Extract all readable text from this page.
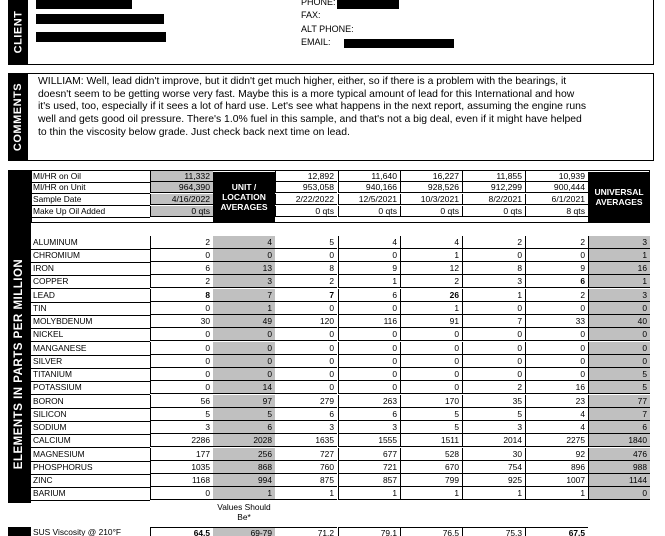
CLIENT
PHONE:
FAX:
ALT PHONE:
EMAIL:
COMMENTS
WILLIAM: Well, lead didn't improve, but it didn't get much higher, either, so if there is a problem with the bearings, it doesn't seem to be getting worse very fast. Maybe this is a more typical amount of lead for this International and how it's used, too, especially if it sees a lot of hard use. Let's see what happens in the next report, assuming the engine runs well and gets good oil pressure. There's 1.0% fuel in this sample, and that's not a big deal, even if it might have helped to thin the viscosity below grade. Just check back next time on lead.
UNIT / LOCATION AVERAGES
UNIVERSAL AVERAGES
MI/HR on Oil	11,332	12,892	11,640	16,227	11,855	10,939
MI/HR on Unit	964,390	953,058	940,166	928,526	912,299	900,444
Sample Date	4/16/2022	2/22/2022	12/5/2021	10/3/2021	8/2/2021	6/1/2021
Make Up Oil Added	0 qts	0 qts	0 qts	0 qts	0 qts	8 qts
ELEMENTS IN PARTS PER MILLION
ALUMINUM	2	4	5	4	4	2	2	3
CHROMIUM	0	0	0	0	1	0	0	1
IRON	6	13	8	9	12	8	9	16
COPPER	2	3	2	1	2	3	6	1
LEAD	8	7	7	6	26	1	2	3
TIN	0	1	0	0	1	0	0	0
MOLYBDENUM	30	49	120	116	91	7	33	40
NICKEL	0	0	0	0	0	0	0	0
MANGANESE	0	0	0	0	0	0	0	0
SILVER	0	0	0	0	0	0	0	0
TITANIUM	0	0	0	0	0	0	0	5
POTASSIUM	0	14	0	0	0	2	16	5
BORON	56	97	279	263	170	35	23	77
SILICON	5	5	6	6	5	5	4	7
SODIUM	3	6	3	3	5	3	4	6
CALCIUM	2286	2028	1635	1555	1511	2014	2275	1840
MAGNESIUM	177	256	727	677	528	30	92	476
PHOSPHORUS	1035	868	760	721	670	754	896	988
ZINC	1168	994	875	857	799	925	1007	1144
BARIUM	0	1	1	1	1	1	1	0
Values Should Be*
SUS Viscosity @ 210°F	64.5	69-79	71.2	79.1	76.5	75.3	67.5
